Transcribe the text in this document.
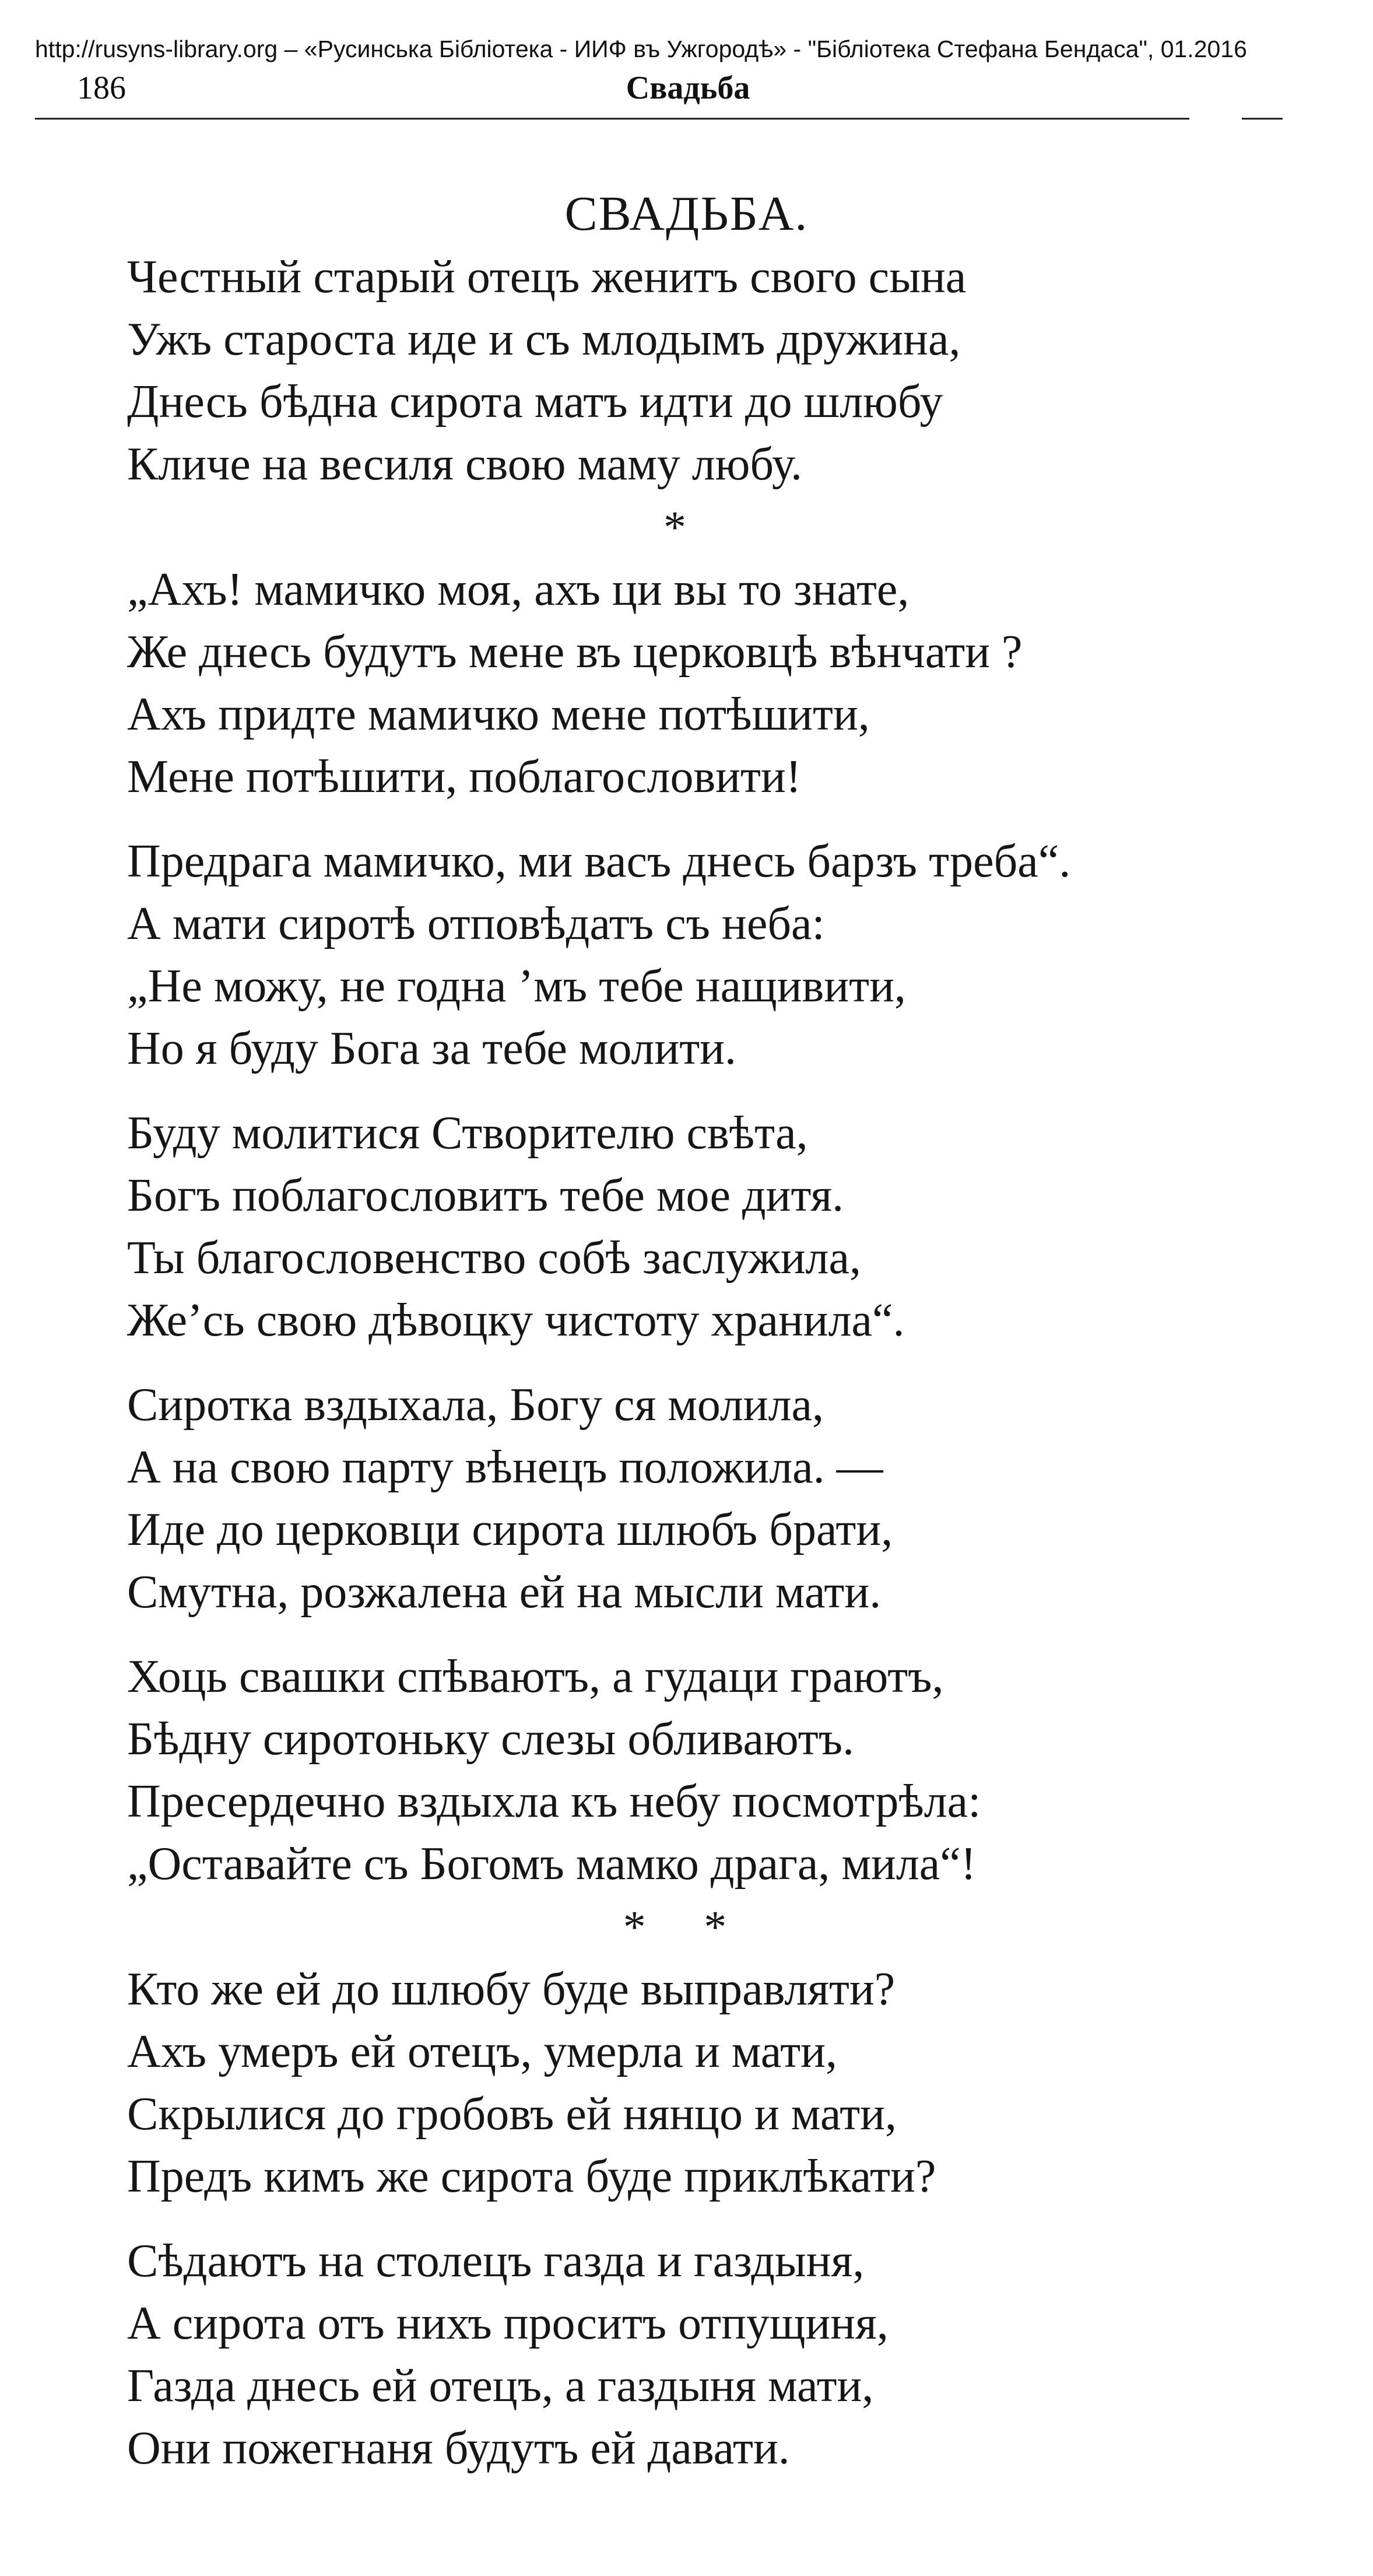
http://rusyns-library.org – «Русинська Бібліотека - ИИФ въ Ужгородѣ» - "Бібліотека Стефана Бендаса", 01.2016
186	Свадьба
СВАДЬБА.
Честный старый отецъ женитъ свого сына
Ужъ староста иде и съ млодымъ дружина,
Днесь бѣдна сирота матъ идти до шлюбу
Кличе на весиля свою маму любу.
*
„Ахъ! мамичко моя, ахъ ци вы то знате,
Же днесь будутъ мене въ церковцѣ вѣнчати ?
Ахъ придте мамичко мене потѣшити,
Мене потѣшити, поблагословити!
Предрага мамичко, ми васъ днесь барзъ треба“.
А мати сиротѣ отповѣдатъ съ неба:
„Не можу, не годна ’мъ тебе нащивити,
Но я буду Бога за тебе молити.
Буду молитися Створителю свѣта,
Богъ поблагословитъ тебе мое дитя.
Ты благословенство собѣ заслужила,
Же’сь свою дѣвоцку чистоту хранила“.
Сиротка вздыхала, Богу ся молила,
А на свою парту вѣнецъ положила. —
Иде до церковци сирота шлюбъ брати,
Смутна, розжалена ей на мысли мати.
Хоць свашки спѣваютъ, а гудаци граютъ,
Бѣдну сиротоньку слезы обливаютъ.
Пресердечно вздыхла къ небу посмотрѣла:
„Оставайте съ Богомъ мамко драга, мила“!
* *
Кто же ей до шлюбу буде выправляти?
Ахъ умеръ ей отецъ, умерла и мати,
Скрылися до гробовъ ей нянцо и мати,
Предъ кимъ же сирота буде приклѣкати?
Сѣдаютъ на столецъ газда и газдыня,
А сирота отъ нихъ проситъ отпущиня,
Газда днесь ей отецъ, а газдыня мати,
Они пожегнаня будутъ ей давати.
